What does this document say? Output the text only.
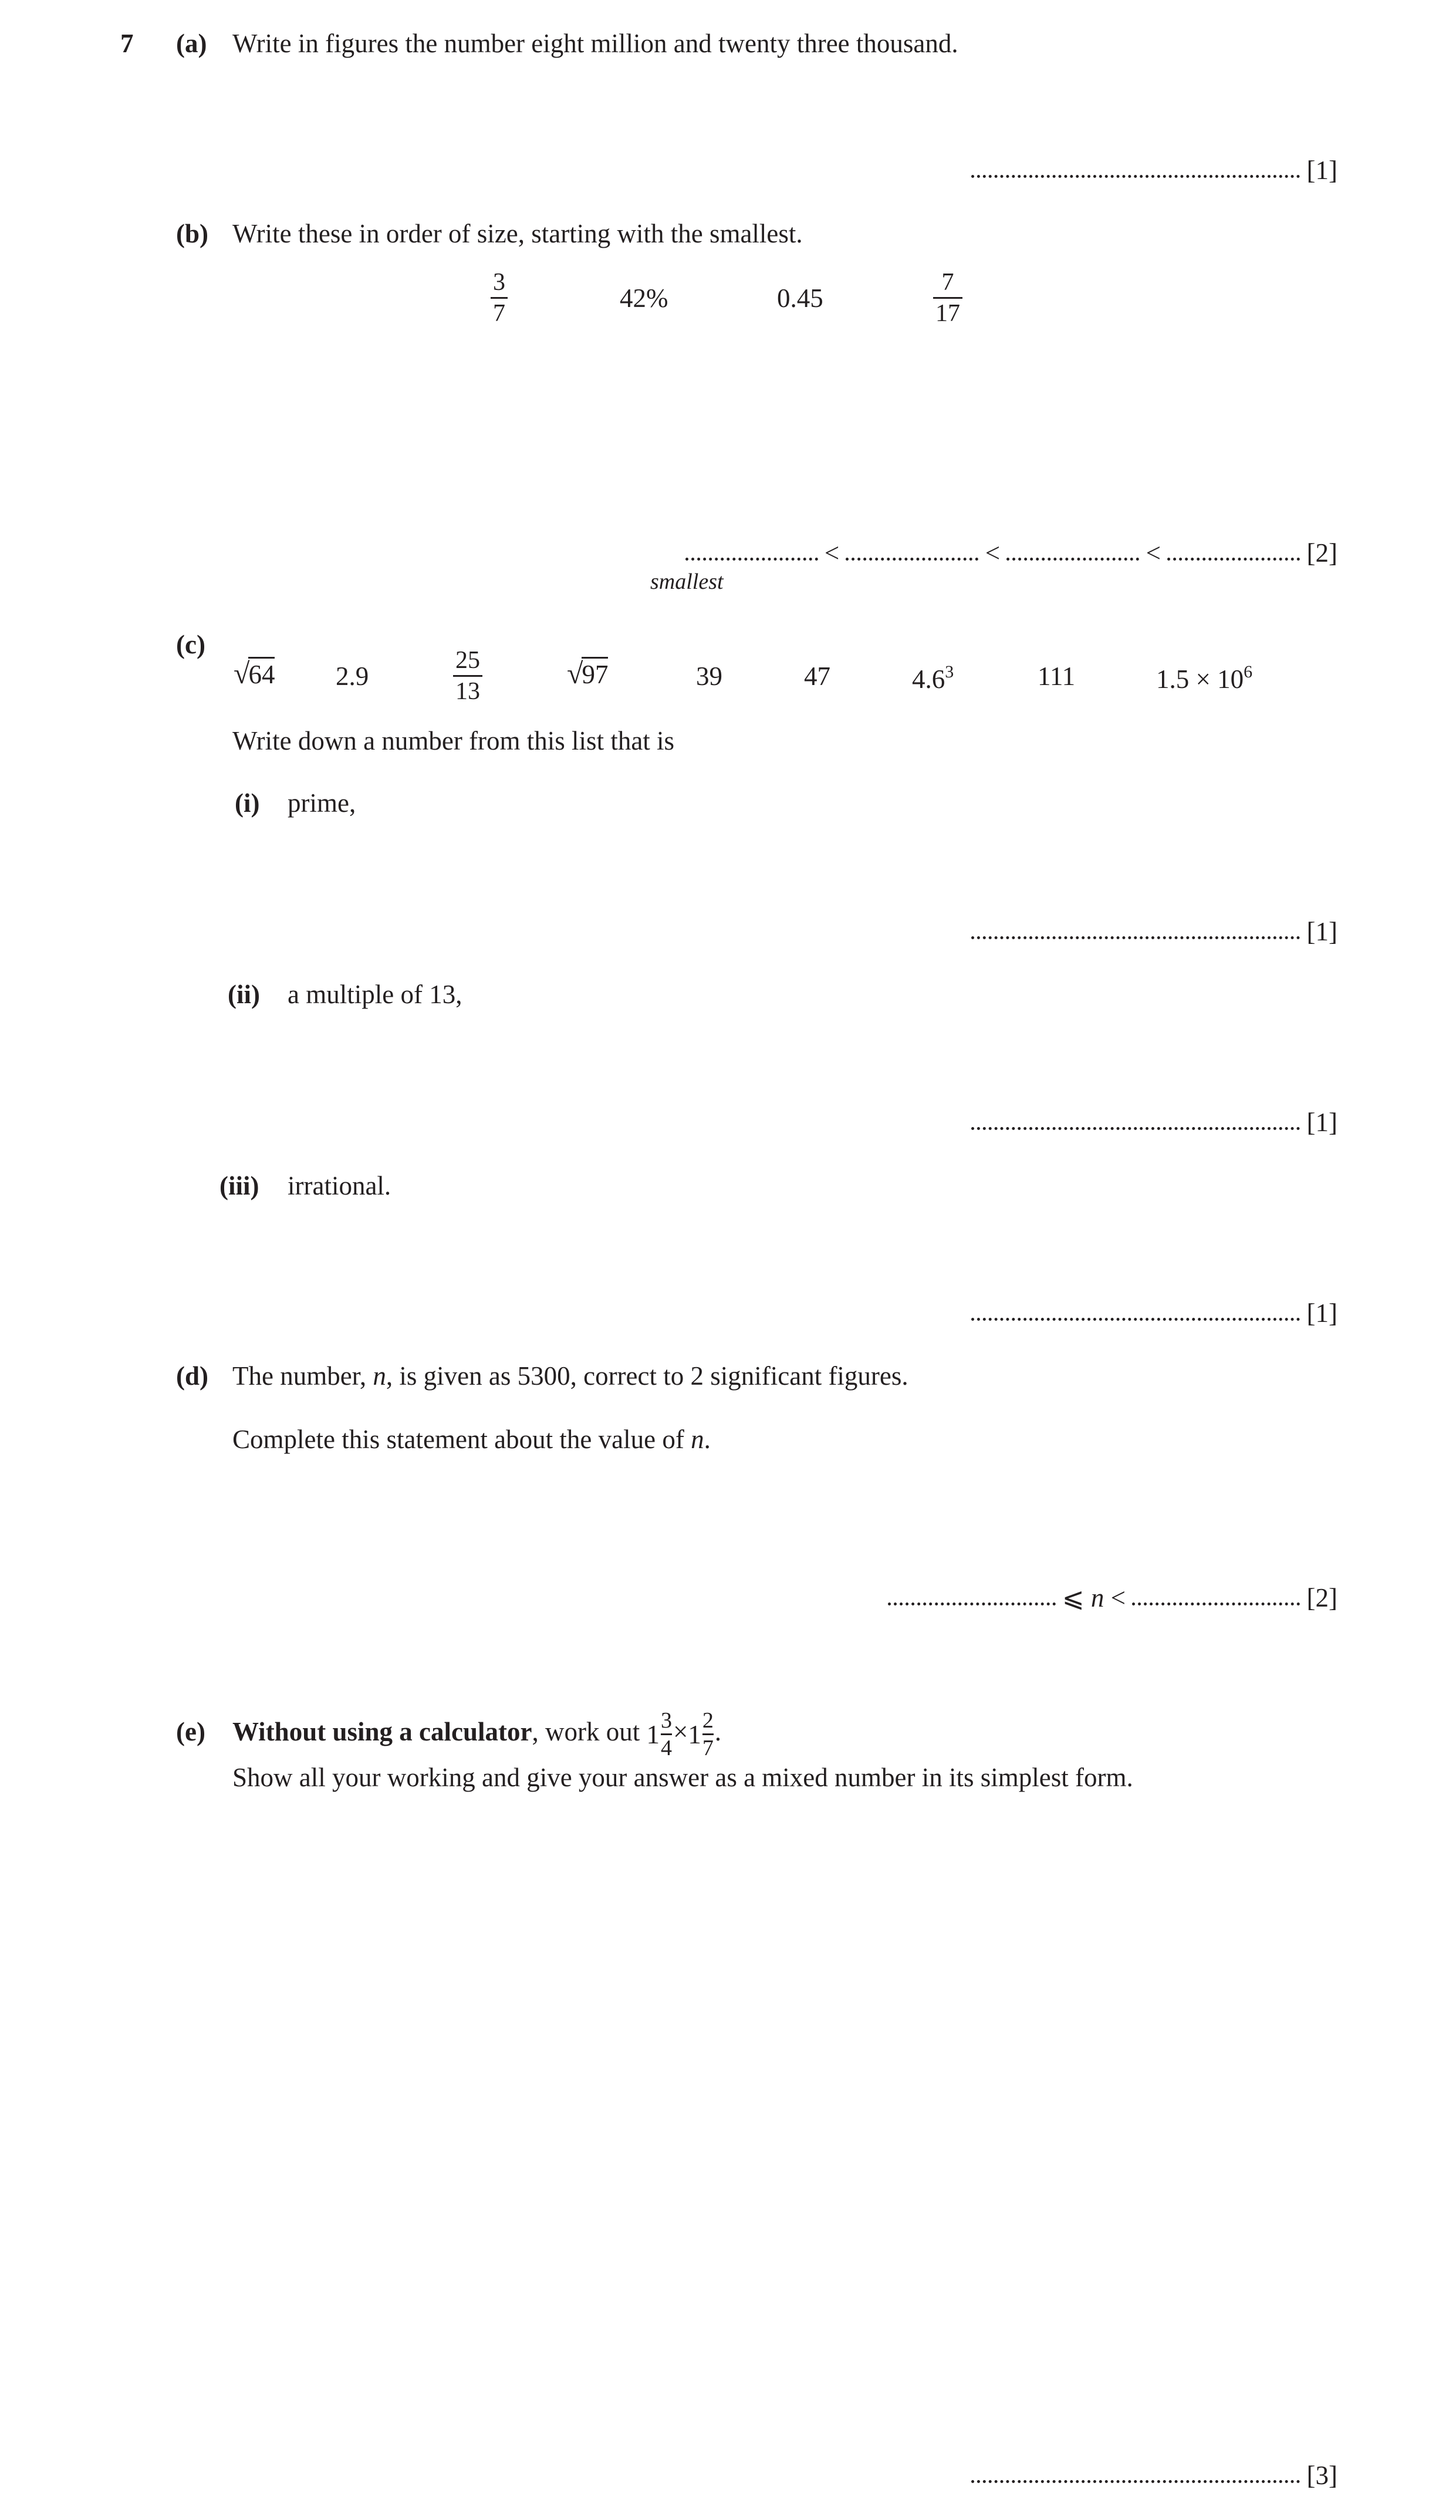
7 (a) Write in figures the number eight million and twenty three thousand.
[1]
(b) Write these in order of size, starting with the smallest.
3
7
42%	0.45
7
17
<	<	<	[2]
smallest
(c)
√64 2.9
25
13
√97	39	47	$4.6^3$	111	$1.5 \times 10^6$
Write down a number from this list that is
(i) prime,
[1]
(ii) a multiple of 13,
[1]
(iii) irrational.
[1]
(d) The number, n, is given as 5300, correct to 2 significant figures.
Complete this statement about the value of n.
⩽ n <	[2]
(e) Without using a calculator, work out 1 3
4
× 1 2
7
.
Show all your working and give your answer as a mixed number in its simplest form.
[3]
